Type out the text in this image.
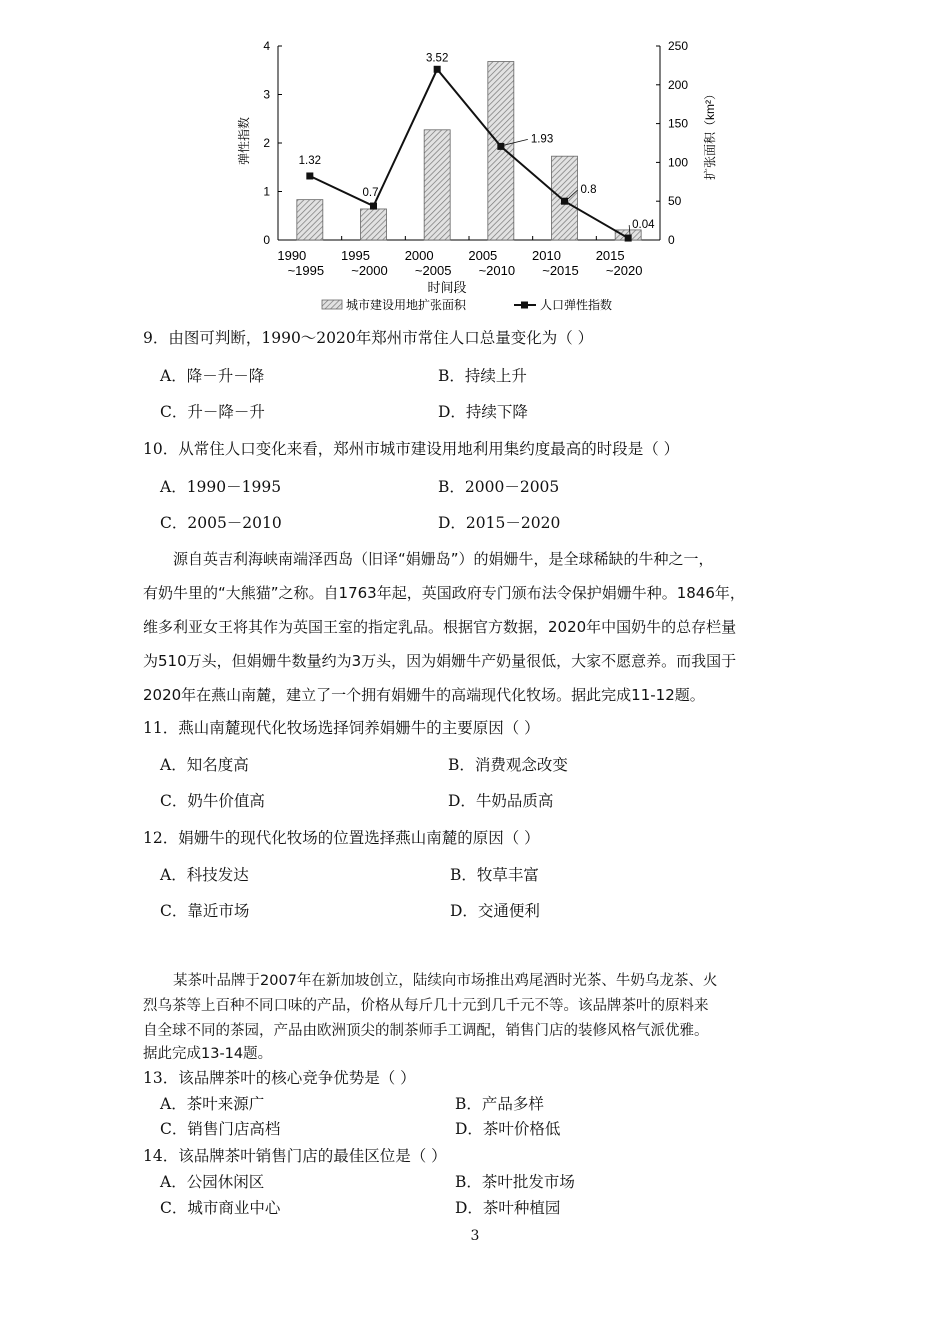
0
1
2
3
4
0
50
100
150
200
250
1.32
0.7
3.52
1.93
0.8
0.04
1990
~1995
1995
~2000
2000
~2005
2005
~2010
2010
~2015
2015
~2020
时间段
弹性指数	扩张面积（km²）
城市建设用地扩张面积	人口弹性指数
9．由图可判断，1990～2020年郑州市常住人口总量变化为（ ）
A．降－升－降	B．持续上升
C．升－降－升	D．持续下降
10．从常住人口变化来看，郑州市城市建设用地利用集约度最高的时段是（ ）
A．1990－1995	B．2000－2005
C．2005－2010	D．2015－2020
源自英吉利海峡南端泽西岛（旧译“娟姗岛”）的娟姗牛，是全球稀缺的牛种之一，
有奶牛里的“大熊猫”之称。自1763年起，英国政府专门颁布法令保护娟姗牛种。1846年，
维多利亚女王将其作为英国王室的指定乳品。根据官方数据，2020年中国奶牛的总存栏量
为510万头，但娟姗牛数量约为3万头，因为娟姗牛产奶量很低，大家不愿意养。而我国于
2020年在燕山南麓，建立了一个拥有娟姗牛的高端现代化牧场。据此完成11-12题。
11．燕山南麓现代化牧场选择饲养娟姗牛的主要原因（ ）
A．知名度高	B．消费观念改变
C．奶牛价值高	D．牛奶品质高
12．娟姗牛的现代化牧场的位置选择燕山南麓的原因（ ）
A．科技发达	B．牧草丰富
C．靠近市场	D．交通便利
某茶叶品牌于2007年在新加坡创立，陆续向市场推出鸡尾酒时光茶、牛奶乌龙茶、火
烈乌茶等上百种不同口味的产品，价格从每斤几十元到几千元不等。该品牌茶叶的原料来
自全球不同的茶园，产品由欧洲顶尖的制茶师手工调配，销售门店的装修风格气派优雅。
据此完成13-14题。
13．该品牌茶叶的核心竞争优势是（ ）
A．茶叶来源广	B．产品多样
C．销售门店高档	D．茶叶价格低
14．该品牌茶叶销售门店的最佳区位是（ ）
A．公园休闲区	B．茶叶批发市场
C．城市商业中心	D．茶叶种植园
3
